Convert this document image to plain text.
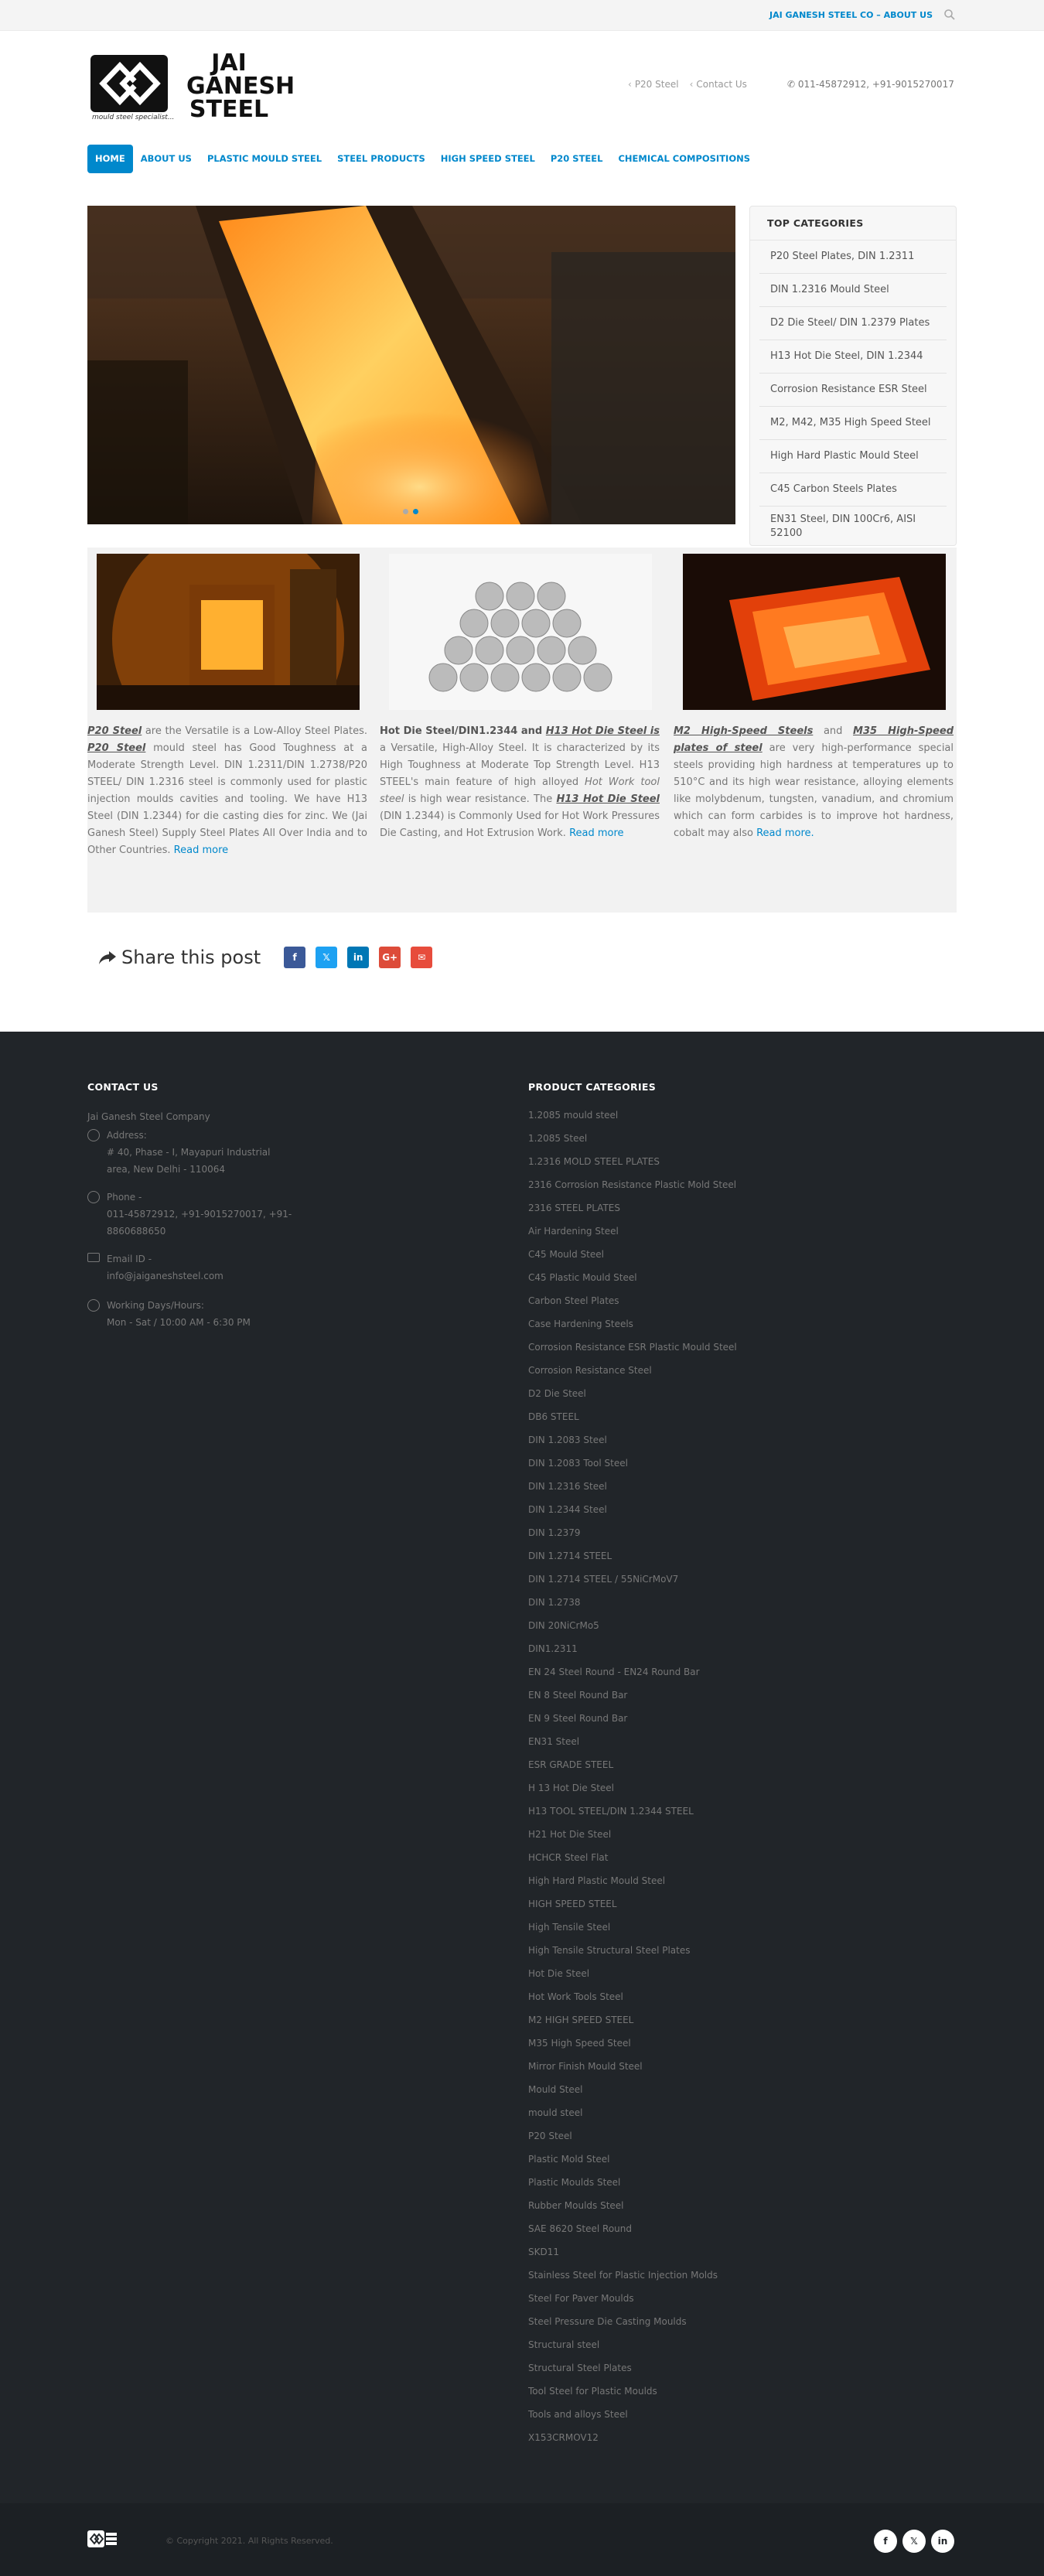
JAI GANESH STEEL CO – ABOUT US
JAI
GANESH
STEEL
mould steel specialist...
‹ P20 Steel ‹ Contact Us	✆ 011-45872912, +91-9015270017
HOME	ABOUT US	PLASTIC MOULD STEEL	STEEL PRODUCTS	HIGH SPEED STEEL	P20 STEEL	CHEMICAL COMPOSITIONS
TOP CATEGORIES
P20 Steel Plates, DIN 1.2311
DIN 1.2316 Mould Steel
D2 Die Steel/ DIN 1.2379 Plates
H13 Hot Die Steel, DIN 1.2344
Corrosion Resistance ESR Steel
M2, M42, M35 High Speed Steel
High Hard Plastic Mould Steel
C45 Carbon Steels Plates
EN31 Steel, DIN 100Cr6, AISI 52100

P20 Steel are the Versatile is a Low-Alloy Steel Plates. P20 Steel mould steel has Good Toughness at a Moderate Strength Level. DIN 1.2311/DIN 1.2738/P20 STEEL/ DIN 1.2316 steel is commonly used for plastic injection moulds cavities and tooling. We have H13 Steel (DIN 1.2344) for die casting dies for zinc. We (Jai Ganesh Steel) Supply Steel Plates All Over India and to Other Countries. Read more

Hot Die Steel/DIN1.2344 and H13 Hot Die Steel is a Versatile, High-Alloy Steel. It is characterized by its High Toughness at Moderate Top Strength Level. H13 STEEL's main feature of high alloyed Hot Work tool steel is high wear resistance. The H13 Hot Die Steel (DIN 1.2344) is Commonly Used for Hot Work Pressures Die Casting, and Hot Extrusion Work. Read more

M2 High-Speed Steels and M35 High-Speed plates of steel are very high-performance special steels providing high hardness at temperatures up to 510°C and its high wear resistance, alloying elements like molybdenum, tungsten, vanadium, and chromium which can form carbides is to improve hot hardness, cobalt may also Read more.

Share this post	f	𝕏	in	G+	✉
CONTACT US
Jai Ganesh Steel Company
Address:
# 40, Phase - I, Mayapuri Industrial area, New Delhi - 110064
Phone -
011-45872912, +91-9015270017, +91-8860688650
Email ID -
info@jaiganeshsteel.com
Working Days/Hours:
Mon - Sat / 10:00 AM - 6:30 PM
PRODUCT CATEGORIES
1.2085 mould steel
1.2085 Steel
1.2316 MOLD STEEL PLATES
2316 Corrosion Resistance Plastic Mold Steel
2316 STEEL PLATES
Air Hardening Steel
C45 Mould Steel
C45 Plastic Mould Steel
Carbon Steel Plates
Case Hardening Steels
Corrosion Resistance ESR Plastic Mould Steel
Corrosion Resistance Steel
D2 Die Steel
DB6 STEEL
DIN 1.2083 Steel
DIN 1.2083 Tool Steel
DIN 1.2316 Steel
DIN 1.2344 Steel
DIN 1.2379
DIN 1.2714 STEEL
DIN 1.2714 STEEL / 55NiCrMoV7
DIN 1.2738
DIN 20NiCrMo5
DIN1.2311
EN 24 Steel Round - EN24 Round Bar
EN 8 Steel Round Bar
EN 9 Steel Round Bar
EN31 Steel
ESR GRADE STEEL
H 13 Hot Die Steel
H13 TOOL STEEL/DIN 1.2344 STEEL
H21 Hot Die Steel
HCHCR Steel Flat
High Hard Plastic Mould Steel
HIGH SPEED STEEL
High Tensile Steel
High Tensile Structural Steel Plates
Hot Die Steel
Hot Work Tools Steel
M2 HIGH SPEED STEEL
M35 High Speed Steel
Mirror Finish Mould Steel
Mould Steel
mould steel
P20 Steel
Plastic Mold Steel
Plastic Moulds Steel
Rubber Moulds Steel
SAE 8620 Steel Round
SKD11
Stainless Steel for Plastic Injection Molds
Steel For Paver Moulds
Steel Pressure Die Casting Moulds
Structural steel
Structural Steel Plates
Tool Steel for Plastic Moulds
Tools and alloys Steel
X153CRMOV12
© Copyright 2021. All Rights Reserved.	f	𝕏	in
